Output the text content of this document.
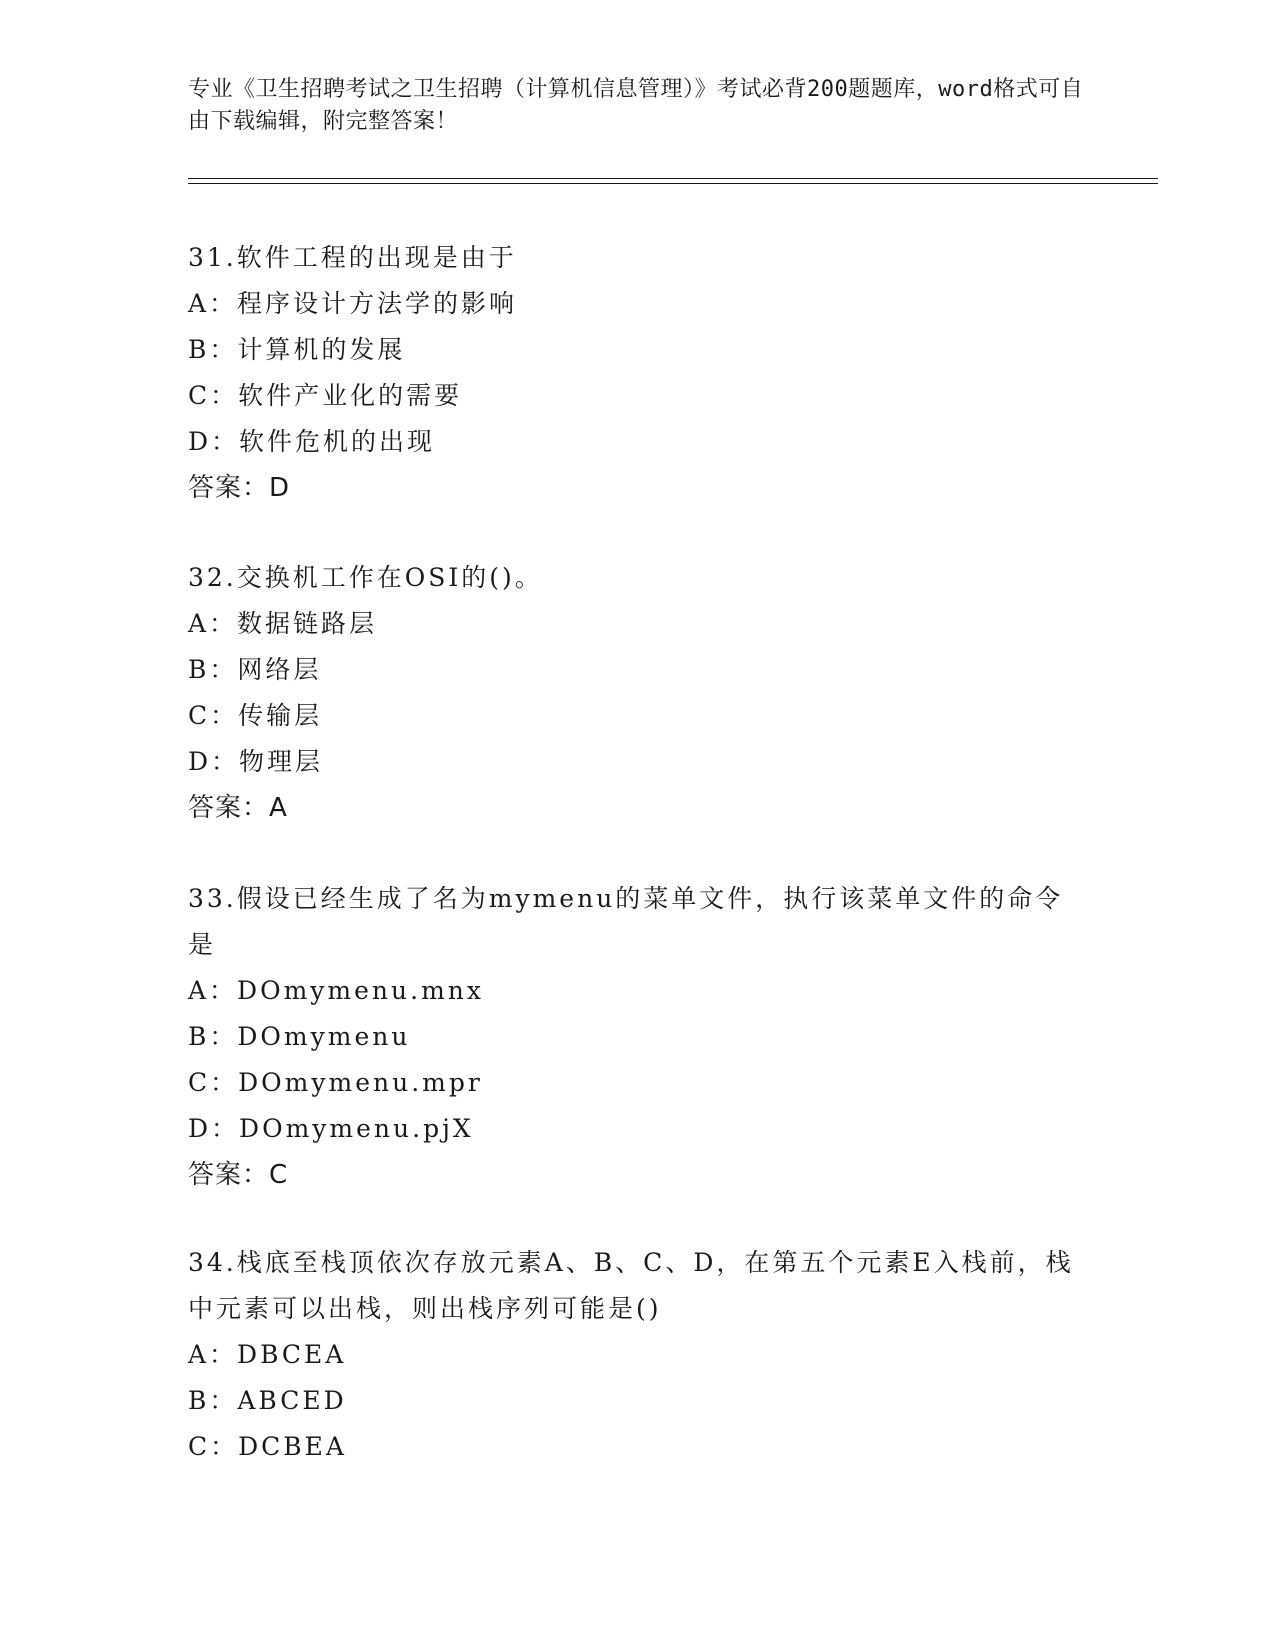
专业《卫生招聘考试之卫生招聘（计算机信息管理）》考试必背200题题库，word格式可自由下载编辑，附完整答案！
31.软件工程的出现是由于
A：程序设计方法学的影响
B：计算机的发展
C：软件产业化的需要
D：软件危机的出现
答案：D
32.交换机工作在OSI的()。
A：数据链路层
B：网络层
C：传输层
D：物理层
答案：A
33.假设已经生成了名为mymenu的菜单文件，执行该菜单文件的命令是
A：DOmymenu.mnx
B：DOmymenu
C：DOmymenu.mpr
D：DOmymenu.pjX
答案：C
34.栈底至栈顶依次存放元素A、B、C、D，在第五个元素E入栈前，栈中元素可以出栈，则出栈序列可能是()
A：DBCEA
B：ABCED
C：DCBEA
